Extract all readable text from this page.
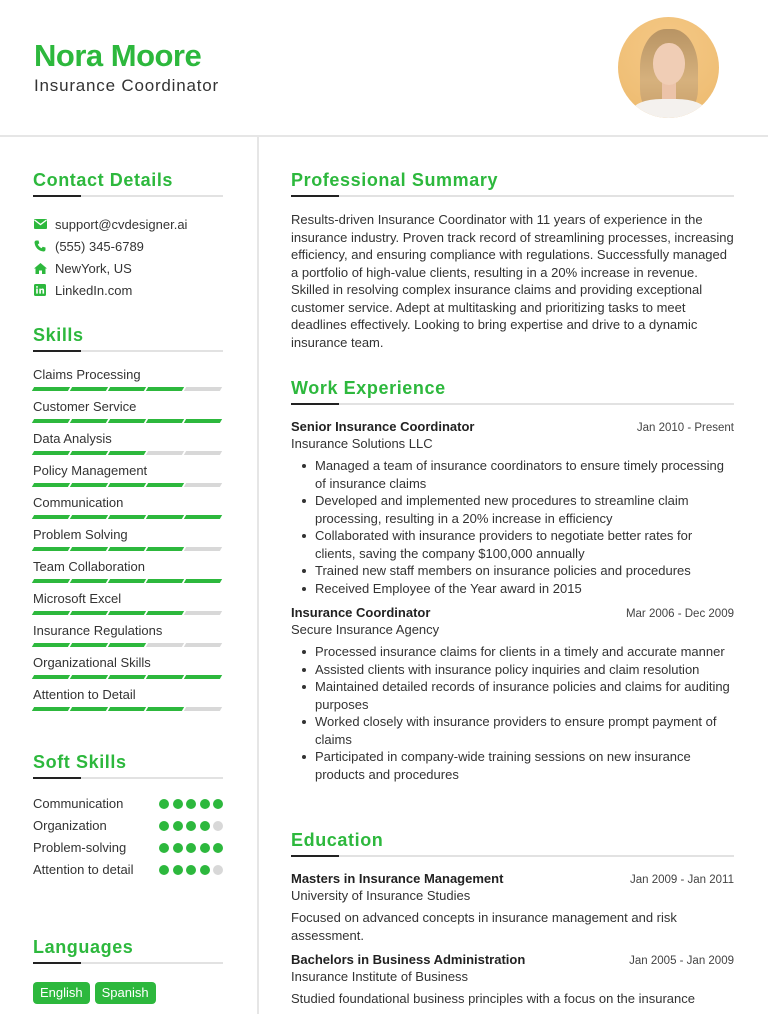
Nora Moore
Insurance Coordinator
Contact Details
support@cvdesigner.ai
(555) 345-6789
NewYork, US
LinkedIn.com
Skills
Claims Processing
Customer Service
Data Analysis
Policy Management
Communication
Problem Solving
Team Collaboration
Microsoft Excel
Insurance Regulations
Organizational Skills
Attention to Detail
Soft Skills
Communication
Organization
Problem-solving
Attention to detail
Languages
English	Spanish
Professional Summary

Results-driven Insurance Coordinator with 11 years of experience in the insurance industry. Proven track record of streamlining processes, increasing efficiency, and ensuring compliance with regulations. Successfully managed a portfolio of high-value clients, resulting in a 20% increase in revenue. Skilled in resolving complex insurance claims and providing exceptional customer service. Adept at multitasking and prioritizing tasks to meet deadlines effectively. Looking to bring expertise and drive to a dynamic insurance team.

Work Experience
Senior Insurance Coordinator	Jan 2010 - Present
Insurance Solutions LLC
Managed a team of insurance coordinators to ensure timely processing of insurance claims
Developed and implemented new procedures to streamline claim processing, resulting in a 20% increase in efficiency
Collaborated with insurance providers to negotiate better rates for clients, saving the company $100,000 annually
Trained new staff members on insurance policies and procedures
Received Employee of the Year award in 2015
Insurance Coordinator	Mar 2006 - Dec 2009
Secure Insurance Agency
Processed insurance claims for clients in a timely and accurate manner
Assisted clients with insurance policy inquiries and claim resolution
Maintained detailed records of insurance policies and claims for auditing purposes
Worked closely with insurance providers to ensure prompt payment of claims
Participated in company-wide training sessions on new insurance products and procedures
Education
Masters in Insurance Management	Jan 2009 - Jan 2011
University of Insurance Studies
Focused on advanced concepts in insurance management and risk assessment.
Bachelors in Business Administration	Jan 2005 - Jan 2009
Insurance Institute of Business
Studied foundational business principles with a focus on the insurance
